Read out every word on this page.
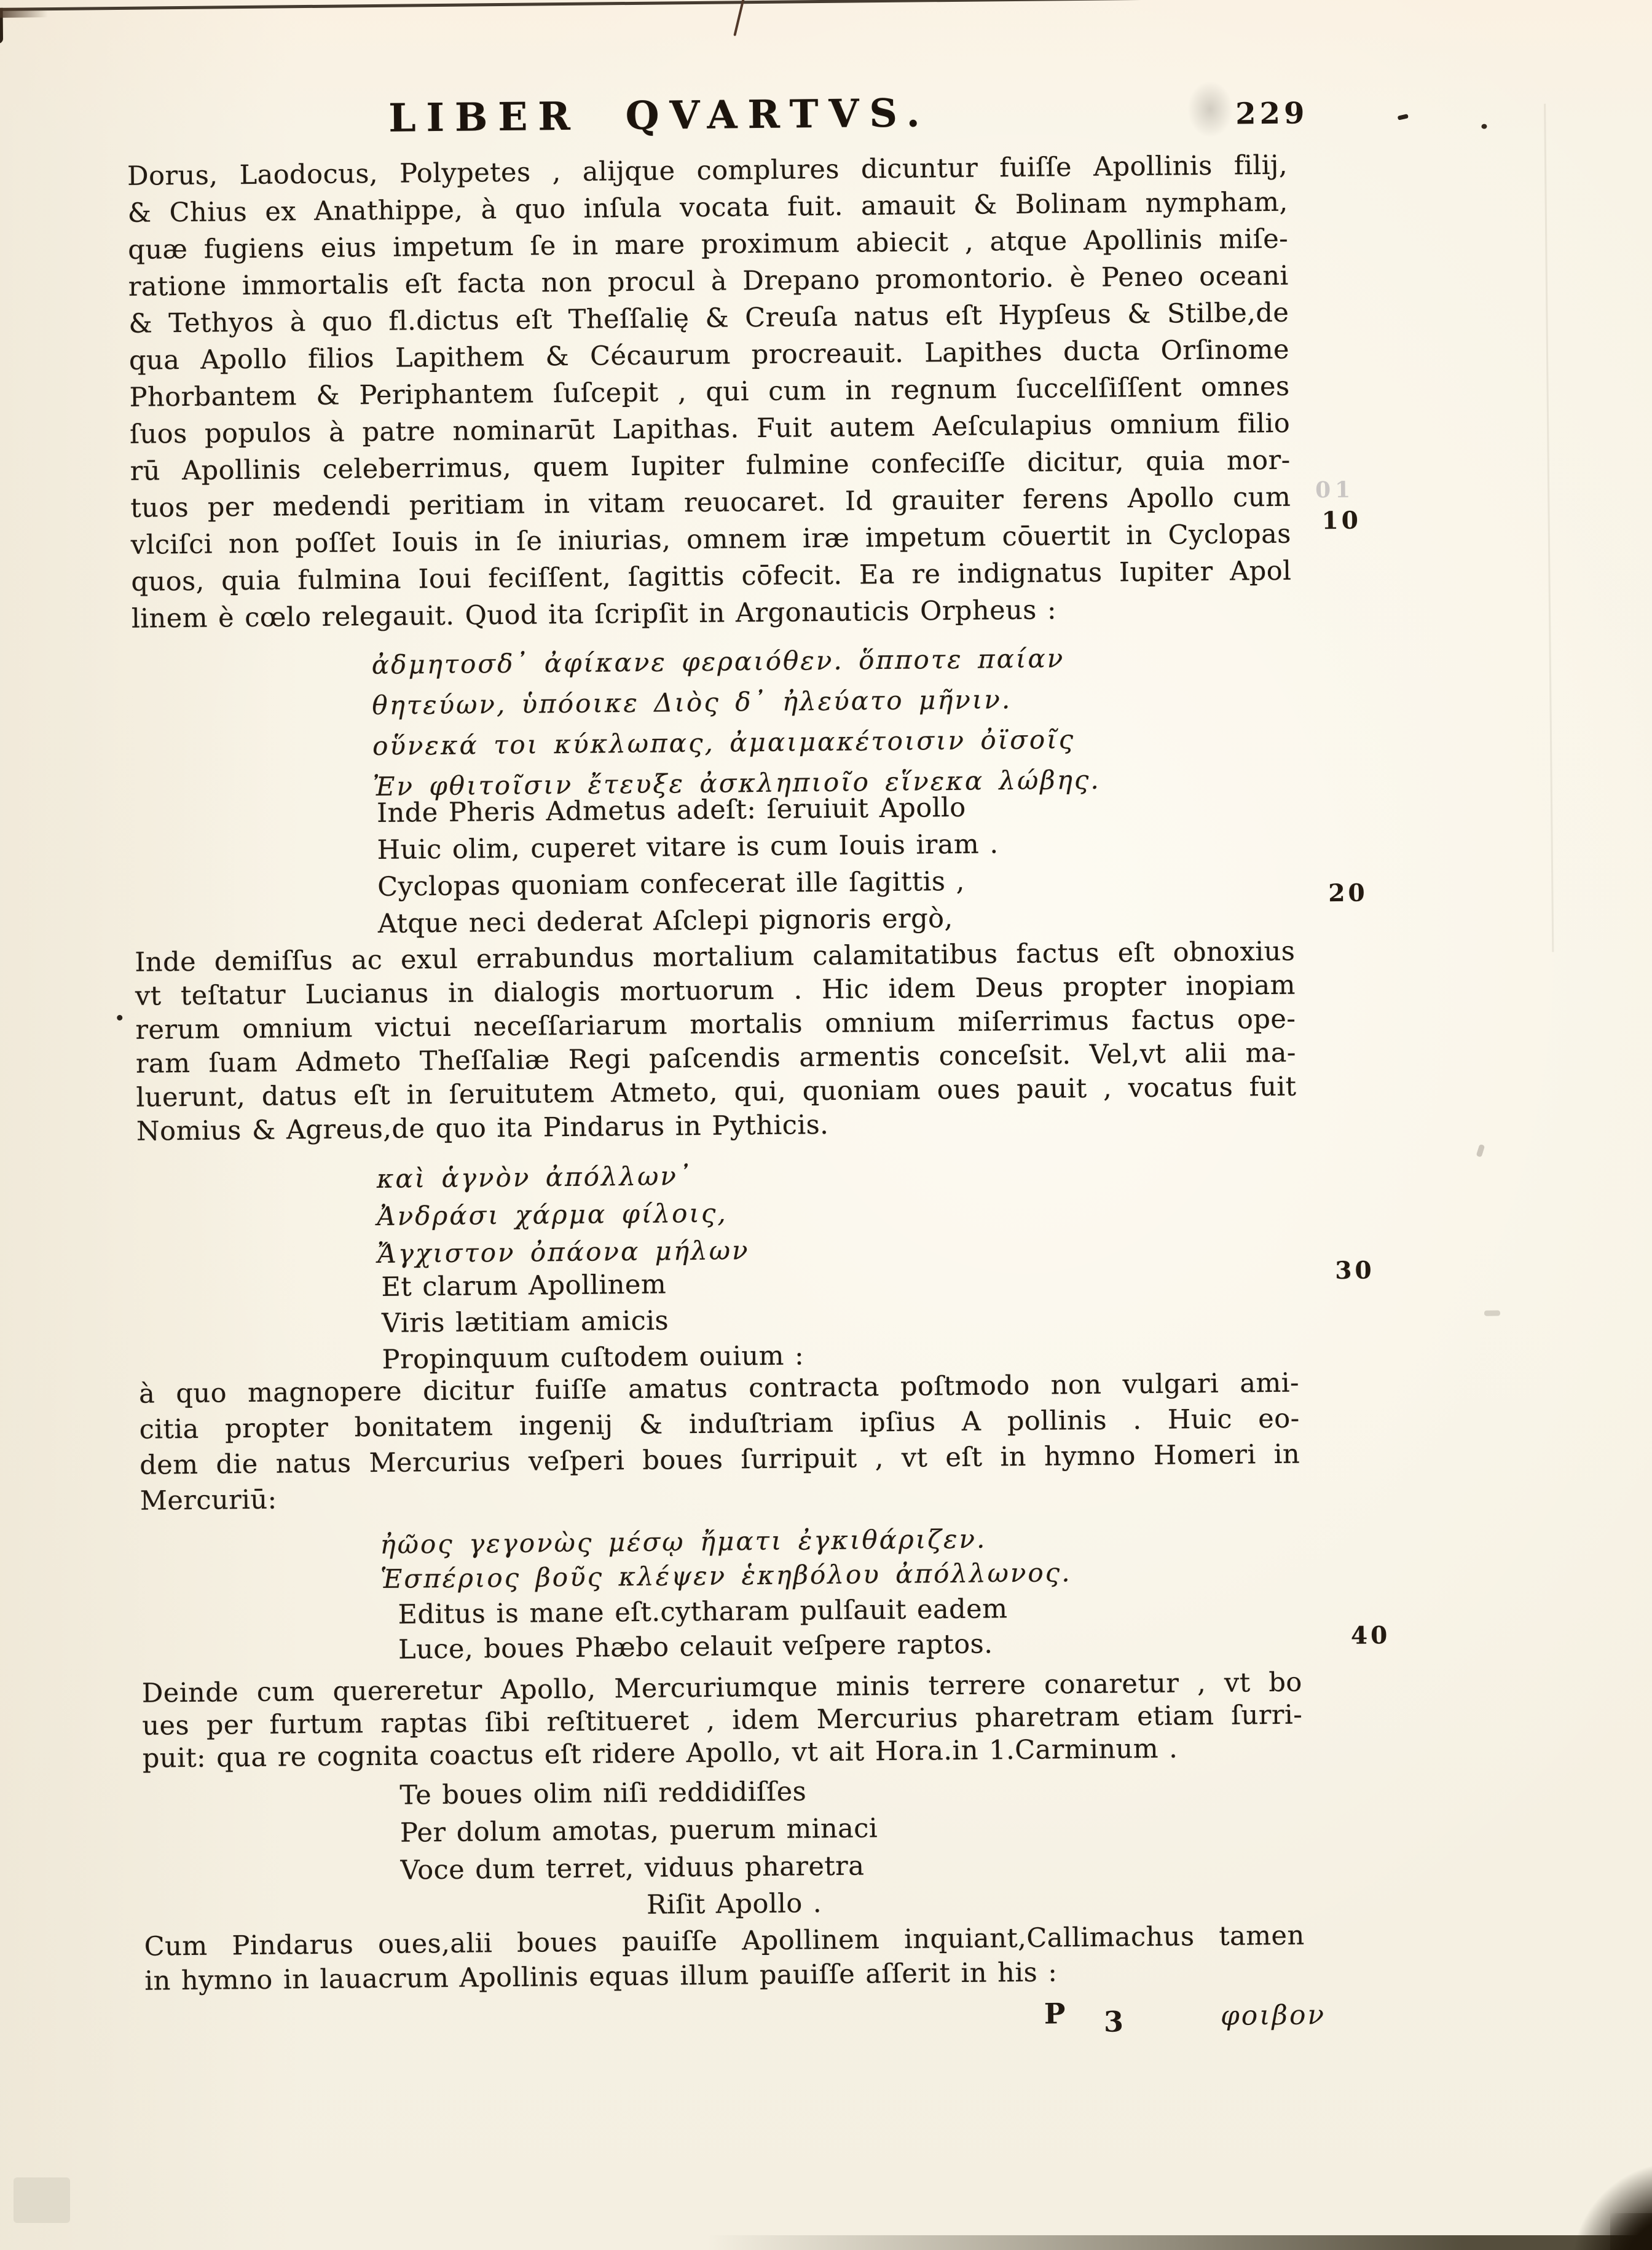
LIBER QVARTVS.	229
Dorus, Laodocus, Polypetes , alijque complures dicuntur fuiſſe Apollinis filij,
& Chius ex Anathippe, à quo inſula vocata fuit. amauit & Bolinam nympham,
quæ fugiens eius impetum ſe in mare proximum abiecit , atque Apollinis miſe-
ratione immortalis eſt facta non procul à Drepano promontorio. è Peneo oceani
& Tethyos à quo fl.dictus eſt Theſſalię & Creuſa natus eſt Hypſeus & Stilbe,de
qua Apollo filios Lapithem & Cécaurum procreauit. Lapithes ducta Orſinome
Phorbantem & Periphantem ſuſcepit , qui cum in regnum ſuccelſiſſent omnes
ſuos populos à patre nominarūt Lapithas. Fuit autem Aeſculapius omnium filio
rū Apollinis celeberrimus, quem Iupiter fulmine confeciſſe dicitur, quia mor-
tuos per medendi peritiam in vitam reuocaret. Id grauiter ferens Apollo cum
vlciſci non poſſet Iouis in ſe iniurias, omnem iræ impetum cōuertit in Cyclopas
quos, quia fulmina Ioui feciſſent, ſagittis cōfecit. Ea re indignatus Iupiter Apol
linem è cœlo relegauit. Quod ita ſcripſit in Argonauticis Orpheus :
ἀδμητοσδ᾽ ἀφίκανε φεραιόθεν. ὅπποτε παίαν
θητεύων, ὑπόοικε Διὸς δ᾽ ἠλεύατο μῆνιν.
οὕνεκά τοι κύκλωπας, ἀμαιμακέτοισιν ὀϊσοῖς
Ἐν φθιτοῖσιν ἔτευξε ἀσκληπιοῖο εἵνεκα λώβης.
Inde Pheris Admetus adeſt: ſeruiuit Apollo
Huic olim, cuperet vitare is cum Iouis iram .
Cyclopas quoniam confecerat ille ſagittis ,
Atque neci dederat Aſclepi pignoris ergò,
Inde demiſſus ac exul errabundus mortalium calamitatibus factus eſt obnoxius
vt teſtatur Lucianus in dialogis mortuorum . Hic idem Deus propter inopiam
rerum omnium victui neceſſariarum mortalis omnium miſerrimus factus ope-
ram ſuam Admeto Theſſaliæ Regi paſcendis armentis conceſsit. Vel,vt alii ma-
luerunt, datus eſt in ſeruitutem Atmeto, qui, quoniam oues pauit , vocatus fuit
Nomius & Agreus,de quo ita Pindarus in Pythicis.
καὶ ἁγνὸν ἀπόλλων᾽
Ἀνδράσι χάρμα φίλοις,
Ἄγχιστον ὀπάονα μήλων
Et clarum Apollinem
Viris lætitiam amicis
Propinquum cuſtodem ouium :
à quo magnopere dicitur fuiſſe amatus contracta poſtmodo non vulgari ami-
citia propter bonitatem ingenij & induſtriam ipſius A pollinis . Huic eo-
dem die natus Mercurius veſperi boues ſurripuit , vt eſt in hymno Homeri in
Mercuriū:
ἠῶος γεγονὼς μέσῳ ἤματι ἐγκιθάριζεν.
Ἑσπέριος βοῦς κλέψεν ἑκηβόλου ἀπόλλωνος.
Editus is mane eſt.cytharam pulſauit eadem
Luce, boues Phæbo celauit veſpere raptos.
Deinde cum quereretur Apollo, Mercuriumque minis terrere conaretur , vt bo
ues per furtum raptas ſibi reſtitueret , idem Mercurius pharetram etiam ſurri-
puit: qua re cognita coactus eſt ridere Apollo, vt ait Hora.in 1.Carminum .
Te boues olim niſi reddidiſſes
Per dolum amotas, puerum minaci
Voce dum terret, viduus pharetra
Riſit Apollo .
Cum Pindarus oues,alii boues pauiſſe Apollinem inquiant,Callimachus tamen
in hymno in lauacrum Apollinis equas illum pauiſſe aſſerit in his :
10
20
30
40
P 3	φοιβον
01
